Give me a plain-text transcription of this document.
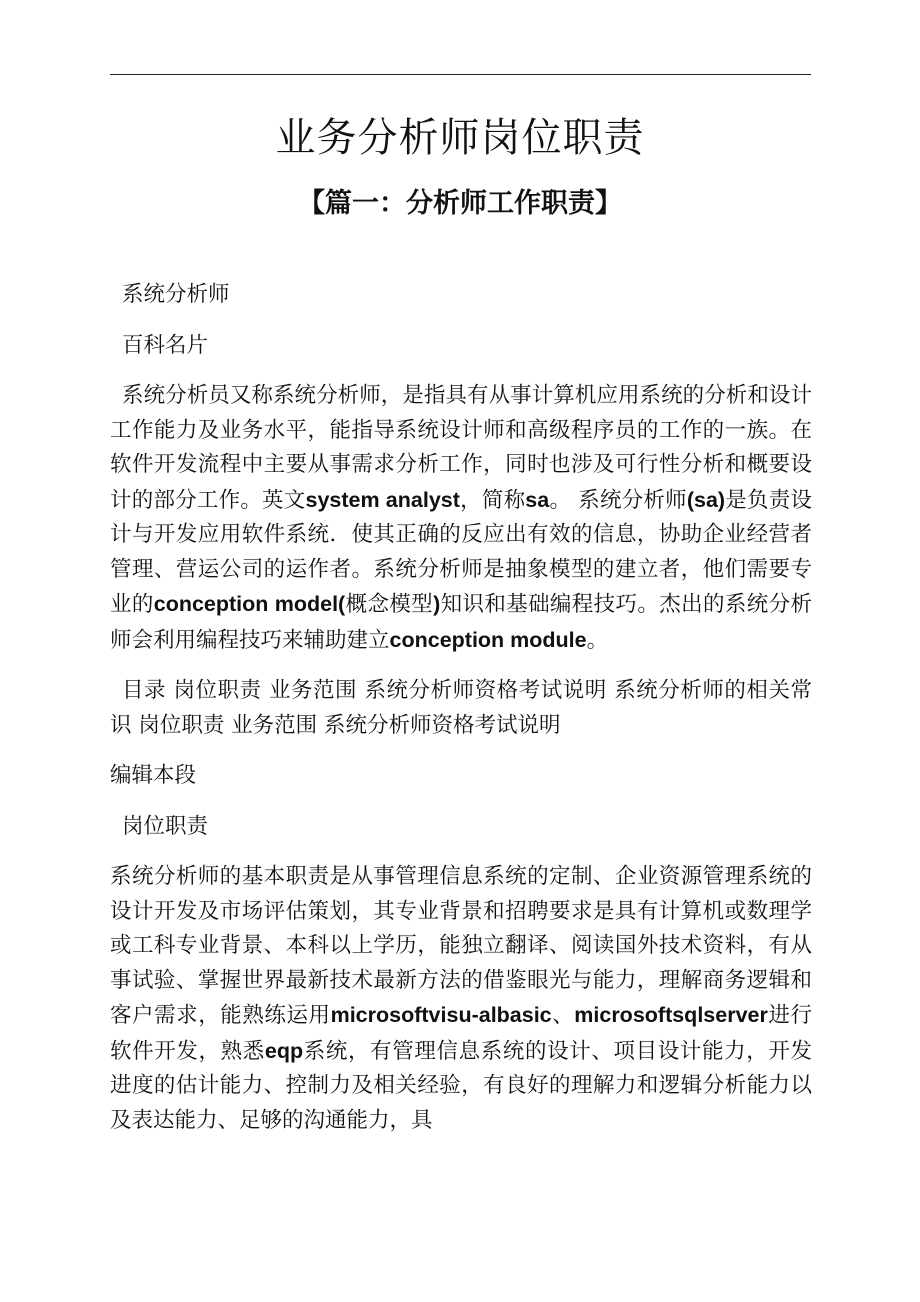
业务分析师岗位职责
【篇一：分析师工作职责】

系统分析师

百科名片

系统分析员又称系统分析师，是指具有从事计算机应用系统的分析和设计工作能力及业务水平，能指导系统设计师和高级程序员的工作的一族。在软件开发流程中主要从事需求分析工作，同时也涉及可行性分析和概要设计的部分工作。英文system analyst，简称sa。 系统分析师(sa)是负责设计与开发应用软件系统．使其正确的反应出有效的信息，协助企业经营者管理、营运公司的运作者。系统分析师是抽象模型的建立者，他们需要专业的conception model(概念模型)知识和基础编程技巧。杰出的系统分析师会利用编程技巧来辅助建立conception module。

目录 岗位职责 业务范围 系统分析师资格考试说明 系统分析师的相关常识 岗位职责 业务范围 系统分析师资格考试说明

编辑本段

岗位职责

系统分析师的基本职责是从事管理信息系统的定制、企业资源管理系统的设计开发及市场评估策划，其专业背景和招聘要求是具有计算机或数理学或工科专业背景、本科以上学历，能独立翻译、阅读国外技术资料，有从事试验、掌握世界最新技术最新方法的借鉴眼光与能力，理解商务逻辑和客户需求，能熟练运用microsoftvisu-albasic、microsoftsqlserver进行软件开发，熟悉eqp系统，有管理信息系统的设计、项目设计能力，开发进度的估计能力、控制力及相关经验，有良好的理解力和逻辑分析能力以及表达能力、足够的沟通能力，具
